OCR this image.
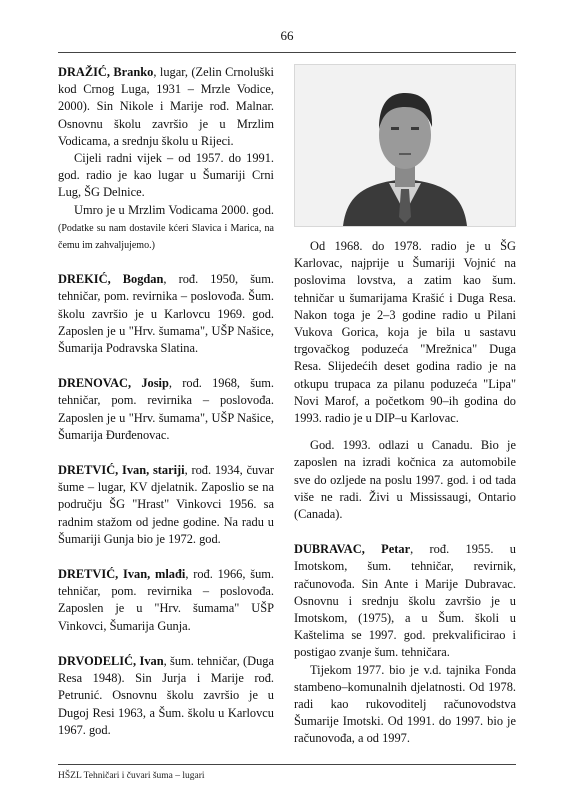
66

DRAŽIĆ, Branko, lugar, (Zelin Crnoluški kod Crnog Luga, 1931 – Mrzle Vodice, 2000). Sin Nikole i Marije rođ. Malnar. Osnovnu školu završio je u Mrzlim Vodicama, a srednju školu u Rijeci.

Cijeli radni vijek – od 1957. do 1991. god. radio je kao lugar u Šumariji Crni Lug, ŠG Delnice.

Umro je u Mrzlim Vodicama 2000. god. (Podatke su nam dostavile kćeri Slavica i Marica, na čemu im zahvaljujemo.)

DREKIĆ, Bogdan, rođ. 1950, šum. tehničar, pom. revirnika – poslovođa. Šum. školu završio je u Karlovcu 1969. god. Zaposlen je u "Hrv. šumama", UŠP Našice, Šumarija Podravska Slatina.

DRENOVAC, Josip, rođ. 1968, šum. tehničar, pom. revirnika – poslovođa. Zaposlen je u "Hrv. šumama", UŠP Našice, Šumarija Đurđenovac.

DRETVIĆ, Ivan, stariji, rođ. 1934, čuvar šume – lugar, KV djelatnik. Zaposlio se na području ŠG "Hrast" Vinkovci 1956. sa radnim stažom od jedne godine. Na radu u Šumariji Gunja bio je 1972. god.

DRETVIĆ, Ivan, mlađi, rođ. 1966, šum. tehničar, pom. revirnika – poslovođa. Zaposlen je u "Hrv. šumama" UŠP Vinkovci, Šumarija Gunja.

DRVODELIĆ, Ivan, šum. tehničar, (Duga Resa 1948). Sin Jurja i Marije rođ. Petrunić. Osnovnu školu završio je u Dugoj Resi 1963, a Šum. školu u Karlovcu 1967. god.

Od 1968. do 1978. radio je u ŠG Karlovac, najprije u Šumariji Vojnić na poslovima lovstva, a zatim kao šum. tehničar u šumarijama Krašić i Duga Resa. Nakon toga je 2–3 godine radio u Pilani Vukova Gorica, koja je bila u sastavu trgovačkog poduzeća "Mrežnica" Duga Resa. Slijedećih deset godina radio je na otkupu trupaca za pilanu poduzeća "Lipa" Novi Marof, a početkom 90–ih godina do 1993. radio je u DIP–u Karlovac.

God. 1993. odlazi u Canadu. Bio je zaposlen na izradi kočnica za automobile sve do ozljede na poslu 1997. god. i od tada više ne radi. Živi u Mississaugi, Ontario (Canada).

DUBRAVAC, Petar, rođ. 1955. u Imotskom, šum. tehničar, revirnik, računovođa. Sin Ante i Marije Dubravac. Osnovnu i srednju školu završio je u Imotskom, (1975), a u Šum. školi u Kaštelima se 1997. god. prekvalificirao i postigao zvanje šum. tehničara.

Tijekom 1977. bio je v.d. tajnika Fonda stambeno–komunalnih djelatnosti. Od 1978. radi kao rukovoditelj računovodstva Šumarije Imotski. Od 1991. do 1997. bio je računovođa, a od 1997.

HŠZL Tehničari i čuvari šuma – lugari
